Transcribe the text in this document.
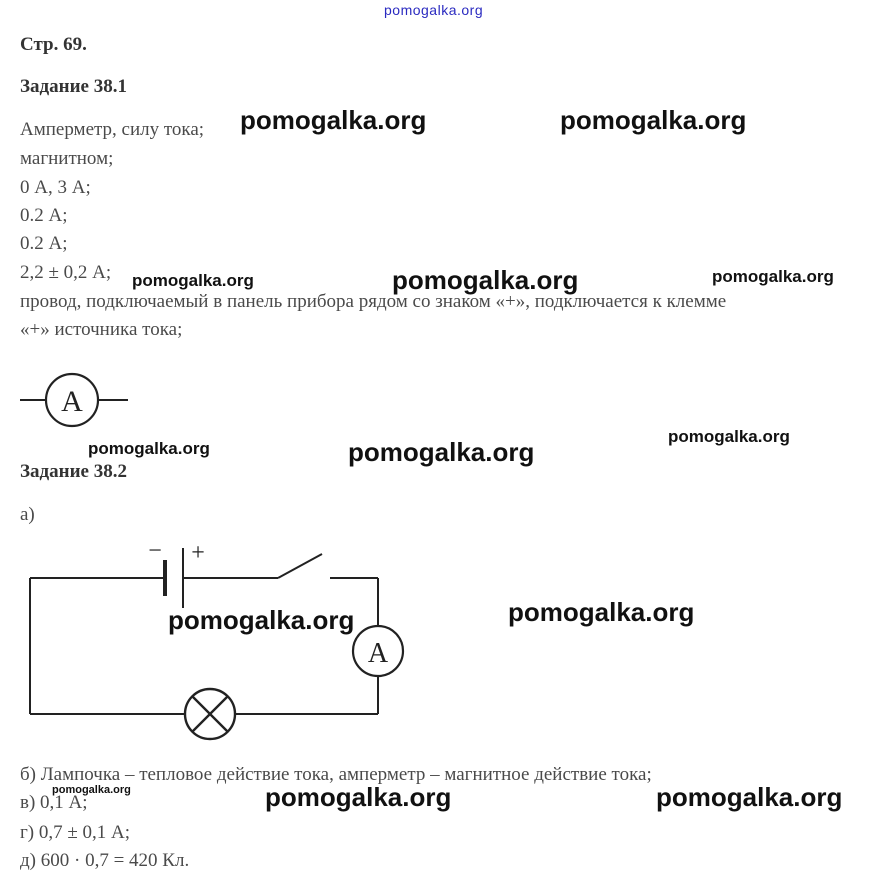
pomogalka.org
Стр. 69.
Задание 38.1
Амперметр, силу тока;
магнитном;
0 А, 3 А;
0.2 А;
0.2 А;
2,2 ± 0,2 А;
провод, подключаемый в панель прибора рядом со знаком «+», подключается к клемме
«+» источника тока;
A
− +
A
Задание 38.2
а)
б) Лампочка – тепловое действие тока, амперметр – магнитное действие тока;
в) 0,1 А;
г) 0,7 ± 0,1 А;
д) 600 · 0,7 = 420 Кл.
pomogalka.org	pomogalka.org
pomogalka.org	pomogalka.org	pomogalka.org
pomogalka.org	pomogalka.org
pomogalka.org
pomogalka.org	pomogalka.org
pomogalka.org	pomogalka.org	pomogalka.org
